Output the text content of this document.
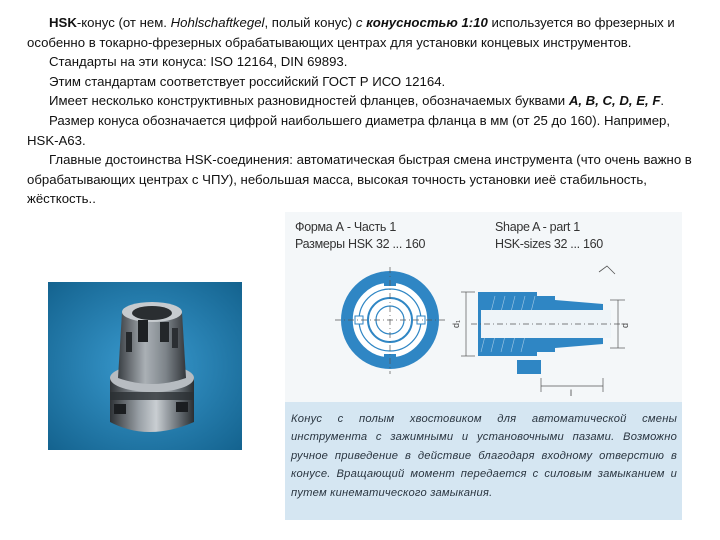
HSK-конус (от нем. Hohlschaftkegel, полый конус) с конусностью 1:10 используется во фрезерных и особенно в токарно-фрезерных обрабатывающих центрах для установки концевых инструментов.

Стандарты на эти конуса: ISO 12164, DIN 69893.

Этим стандартам соответствует российский ГОСТ Р ИСО 12164.

Имеет несколько конструктивных разновидностей фланцев, обозначаемых буквами A, B, C, D, E, F.

Размер конуса обозначается цифрой наибольшего диаметра фланца в мм (от 25 до 160). Например, HSK-A63.

Главные достоинства HSK-соединения: автоматическая быстрая смена инструмента (что очень важно в обрабатывающих центрах с ЧПУ), небольшая масса, высокая точность установки иеё стабильность, жёсткость..

Форма А - Часть 1
Размеры HSK 32 ... 160
Shape A - part 1
HSK-sizes 32 ... 160
d₁	d
l
Конус с полым хвостовиком для автоматической смены инструмента с зажимными и установочными пазами. Возможно ручное приведение в действие благодаря входному отверстию в конусе. Вращающий момент передается с силовым замыканием и путем кинематического замыкания.
